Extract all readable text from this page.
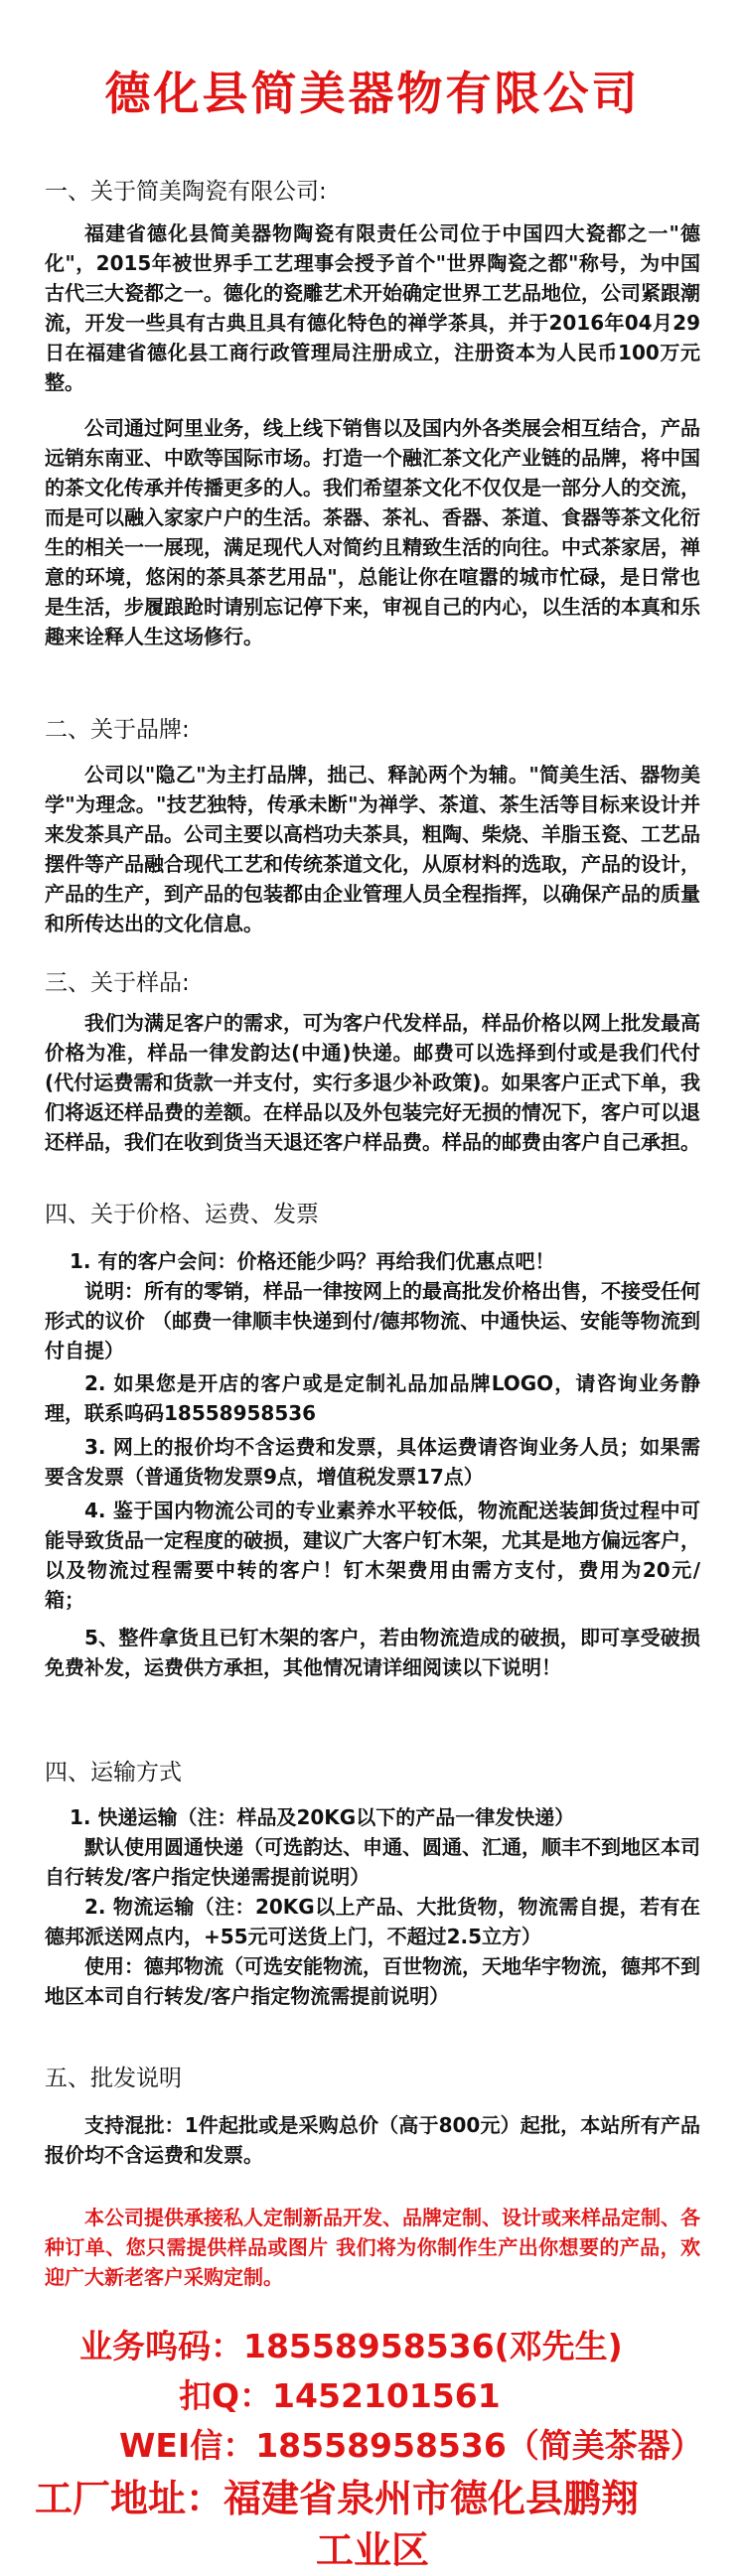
德化县简美器物有限公司
一、关于简美陶瓷有限公司:

福建省德化县简美器物陶瓷有限责任公司位于中国四大瓷都之一"德化"，2015年被世界手工艺理事会授予首个"世界陶瓷之都"称号，为中国古代三大瓷都之一。德化的瓷雕艺术开始确定世界工艺品地位，公司紧跟潮流，开发一些具有古典且具有德化特色的禅学茶具，并于2016年04月29日在福建省德化县工商行政管理局注册成立，注册资本为人民币100万元整。

公司通过阿里业务，线上线下销售以及国内外各类展会相互结合，产品远销东南亚、中欧等国际市场。打造一个融汇茶文化产业链的品牌，将中国的茶文化传承并传播更多的人。我们希望茶文化不仅仅是一部分人的交流，而是可以融入家家户户的生活。茶器、茶礼、香器、茶道、食器等茶文化衍生的相关一一展现，满足现代人对简约且精致生活的向往。中式茶家居，禅意的环境，悠闲的茶具茶艺用品"，总能让你在喧嚣的城市忙碌，是日常也是生活，步履踉跄时请别忘记停下来，审视自己的内心，以生活的本真和乐趣来诠释人生这场修行。

二、关于品牌:

公司以"隐乙"为主打品牌，拙己、释訫两个为辅。"简美生活、器物美学"为理念。"技艺独特，传承未断"为禅学、茶道、茶生活等目标来设计并来发茶具产品。公司主要以高档功夫茶具，粗陶、柴烧、羊脂玉瓷、工艺品摆件等产品融合现代工艺和传统茶道文化，从原材料的选取，产品的设计，产品的生产，到产品的包装都由企业管理人员全程指挥，以确保产品的质量和所传达出的文化信息。

三、关于样品:

我们为满足客户的需求，可为客户代发样品，样品价格以网上批发最高价格为准，样品一律发韵达(中通)快递。邮费可以选择到付或是我们代付(代付运费需和货款一并支付，实行多退少补政策)。如果客户正式下单，我们将返还样品费的差额。在样品以及外包装完好无损的情况下，客户可以退还样品，我们在收到货当天退还客户样品费。样品的邮费由客户自己承担。

四、关于价格、运费、发票

1. 有的客户会问：价格还能少吗？再给我们优惠点吧！

说明：所有的零销，样品一律按网上的最高批发价格出售，不接受任何形式的议价 （邮费一律顺丰快递到付/德邦物流、中通快运、安能等物流到付自提）

2. 如果您是开店的客户或是定制礼品加品牌LOGO，请咨询业务静理，联系呜码18558958536

3. 网上的报价均不含运费和发票，具体运费请咨询业务人员；如果需要含发票（普通货物发票9点，增值税发票17点）

4. 鉴于国内物流公司的专业素养水平较低，物流配送装卸货过程中可能导致货品一定程度的破损，建议广大客户钉木架，尤其是地方偏远客户，以及物流过程需要中转的客户！钉木架费用由需方支付，费用为20元/ 箱；

5、整件拿货且已钉木架的客户，若由物流造成的破损，即可享受破损免费补发，运费供方承担，其他情况请详细阅读以下说明！

四、运输方式

1. 快递运输（注：样品及20KG以下的产品一律发快递）

默认使用圆通快递（可选韵达、申通、圆通、汇通，顺丰不到地区本司自行转发/客户指定快递需提前说明）

2. 物流运输（注：20KG以上产品、大批货物，物流需自提，若有在德邦派送网点内，+55元可送货上门，不超过2.5立方）

使用：德邦物流（可选安能物流，百世物流，天地华宇物流，德邦不到地区本司自行转发/客户指定物流需提前说明）

五、批发说明

支持混批：1件起批或是采购总价（高于800元）起批，本站所有产品报价均不含运费和发票。

本公司提供承接私人定制新品开发、品牌定制、设计或来样品定制、各种订单、您只需提供样品或图片 我们将为你制作生产出你想要的产品，欢迎广大新老客户采购定制。

业务呜码：18558958536(邓先生)
扣Q：1452101561
WEI信：18558958536（简美茶器）
工厂地址：福建省泉州市德化县鹏翔
工业区
